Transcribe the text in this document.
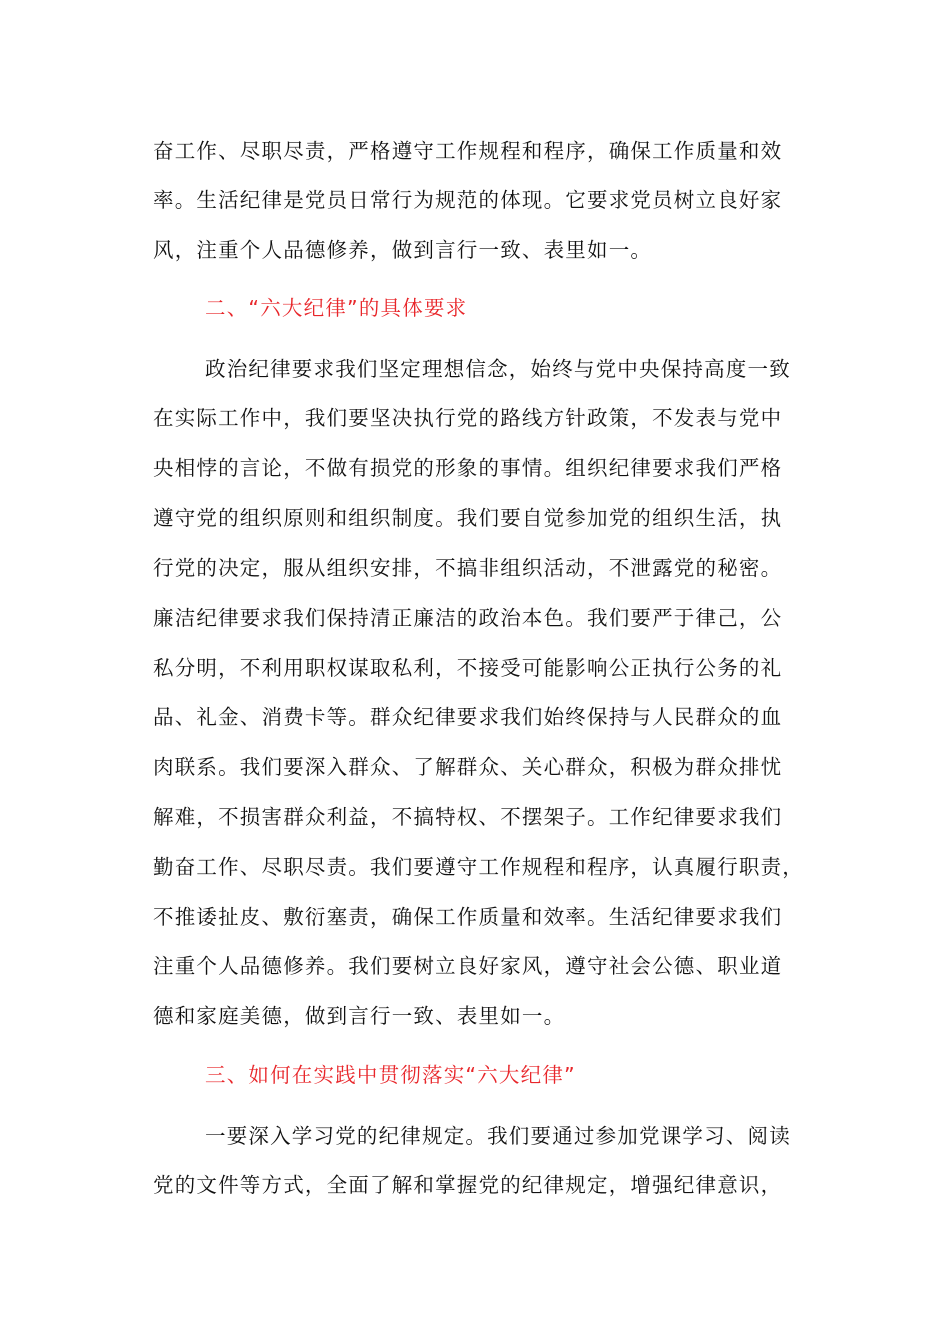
奋工作、尽职尽责，严格遵守工作规程和程序，确保工作质量和效
率。生活纪律是党员日常行为规范的体现。它要求党员树立良好家
风，注重个人品德修养，做到言行一致、表里如一。
二、“六大纪律”的具体要求
政治纪律要求我们坚定理想信念，始终与党中央保持高度一致
在实际工作中，我们要坚决执行党的路线方针政策，不发表与党中
央相悖的言论，不做有损党的形象的事情。组织纪律要求我们严格
遵守党的组织原则和组织制度。我们要自觉参加党的组织生活，执
行党的决定，服从组织安排，不搞非组织活动，不泄露党的秘密。
廉洁纪律要求我们保持清正廉洁的政治本色。我们要严于律己，公
私分明，不利用职权谋取私利，不接受可能影响公正执行公务的礼
品、礼金、消费卡等。群众纪律要求我们始终保持与人民群众的血
肉联系。我们要深入群众、了解群众、关心群众，积极为群众排忧
解难，不损害群众利益，不搞特权、不摆架子。工作纪律要求我们
勤奋工作、尽职尽责。我们要遵守工作规程和程序，认真履行职责，
不推诿扯皮、敷衍塞责，确保工作质量和效率。生活纪律要求我们
注重个人品德修养。我们要树立良好家风，遵守社会公德、职业道
德和家庭美德，做到言行一致、表里如一。
三、如何在实践中贯彻落实“六大纪律”
一要深入学习党的纪律规定。我们要通过参加党课学习、阅读
党的文件等方式，全面了解和掌握党的纪律规定，增强纪律意识，
